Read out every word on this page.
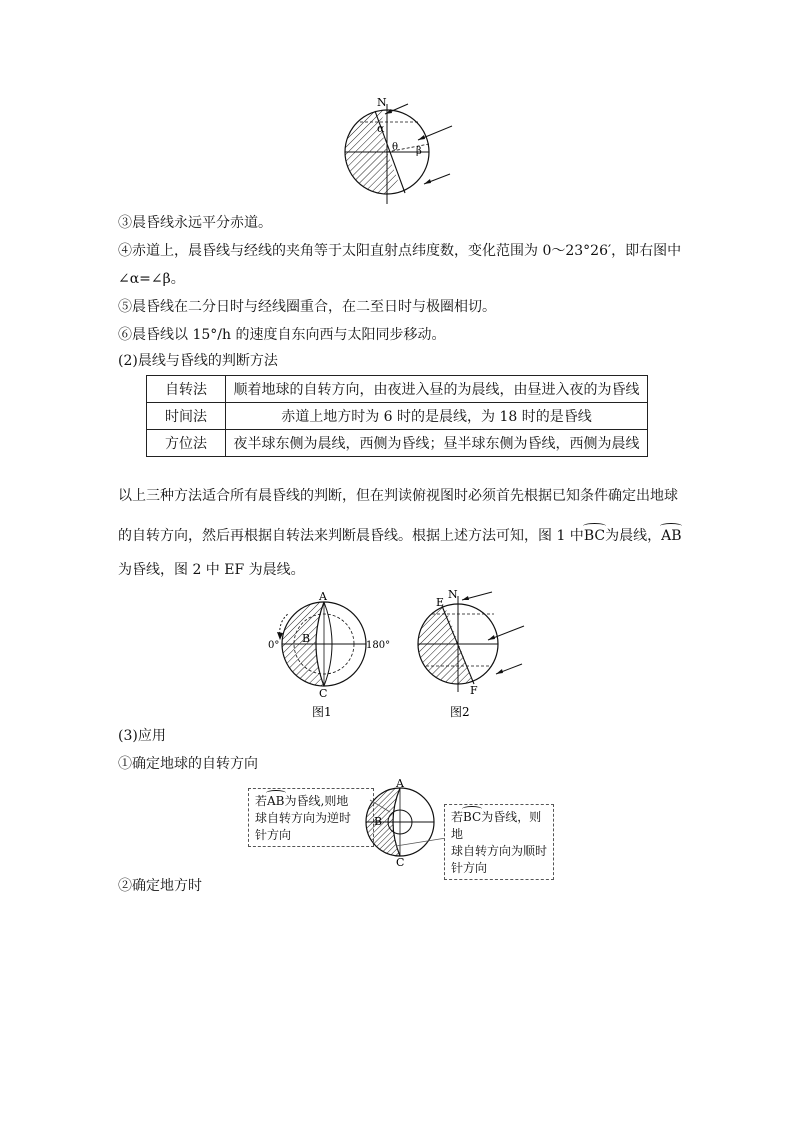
N
α
θ β
③晨昏线永远平分赤道。
④赤道上，晨昏线与经线的夹角等于太阳直射点纬度数，变化范围为 0～23°26′，即右图中
∠α=∠β。
⑤晨昏线在二分日时与经线圈重合，在二至日时与极圈相切。
⑥晨昏线以 15°/h 的速度自东向西与太阳同步移动。
(2)晨线与昏线的判断方法
自转法	顺着地球的自转方向，由夜进入昼的为晨线，由昼进入夜的为昏线
时间法	赤道上地方时为 6 时的是晨线，为 18 时的是昏线
方位法	夜半球东侧为晨线，西侧为昏线；昼半球东侧为昏线，西侧为晨线
以上三种方法适合所有晨昏线的判断，但在判读俯视图时必须首先根据已知条件确定出地球
的自转方向，然后再根据自转法来判断晨昏线。根据上述方法可知，图 1 中BC为晨线，AB
为昏线，图 2 中 EF 为晨线。
A
B
C
0°	180°
图1
N
E
F
图2
(3)应用
①确定地球的自转方向
若AB为昏线,则地
球自转方向为逆时
针方向
A
B
C
若BC为昏线，则地
球自转方向为顺时
针方向
②确定地方时
